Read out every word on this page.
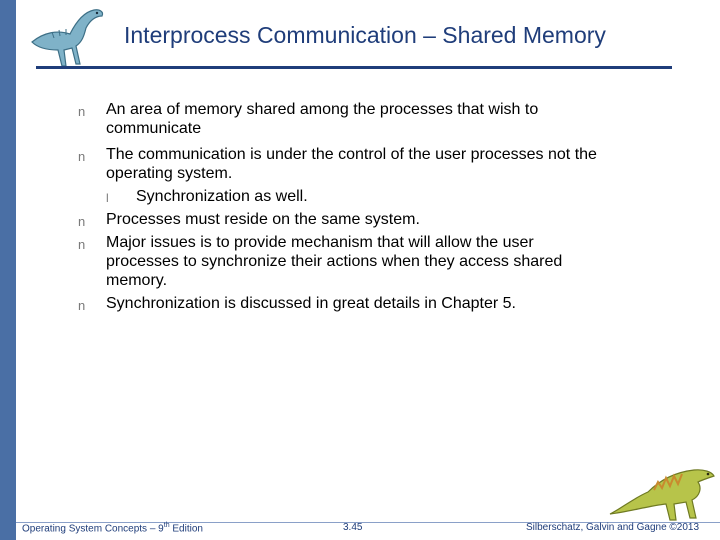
Interprocess Communication – Shared Memory
n An area of memory shared among the processes that wish to communicate
n The communication is under the control of the user processes not the operating system.
l Synchronization as well.
n Processes must reside on the same system.
n Major issues is to provide mechanism that will allow the user processes to synchronize their actions when they access shared memory.
n Synchronization is discussed in great details in Chapter 5.
Operating System Concepts – 9th Edition	3.45	Silberschatz, Galvin and Gagne ©2013
